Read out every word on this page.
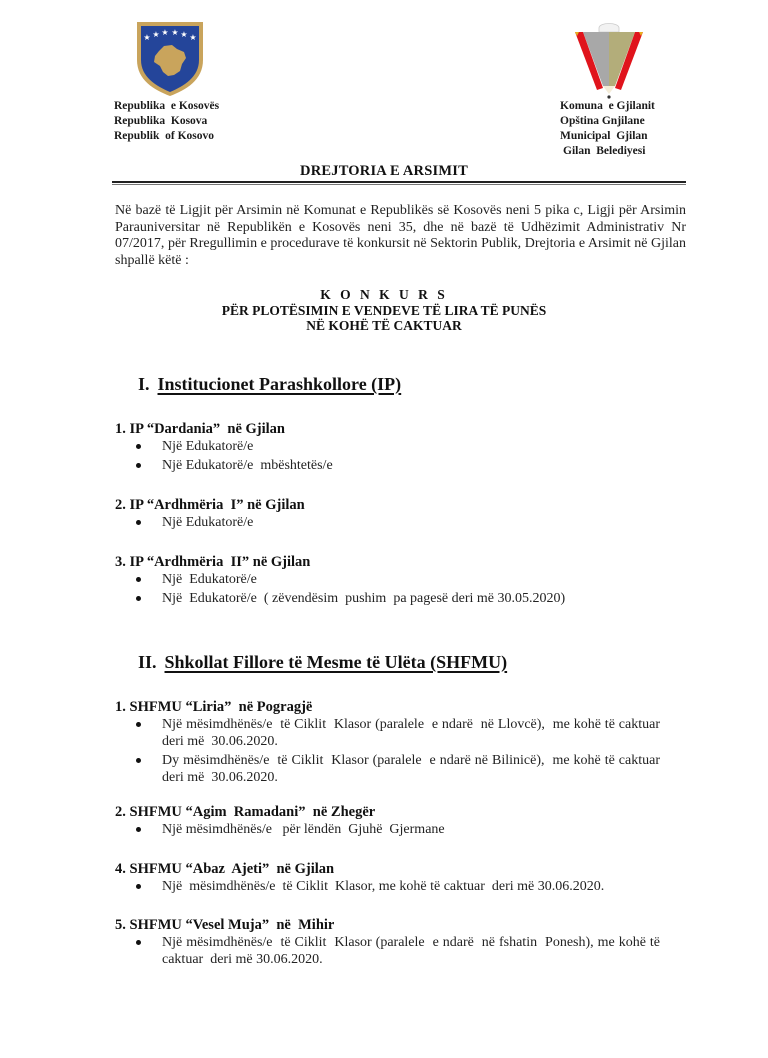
★ ★ ★ ★ ★ ★
Republika  e Kosovës
Republika  Kosova
Republik  of Kosovo
Komuna  e Gjilanit
Opština Gnjilane
Municipal  Gjilan
Gilan  Belediyesi
DREJTORIA E ARSIMIT
Në bazë të Ligjit për Arsimin në Komunat e Republikës së Kosovës neni 5 pika c, Ligji për Arsimin Parauniversitar në Republikën e Kosovës neni 35, dhe në bazë të Udhëzimit Administrativ Nr 07/2017, për Rregullimin e procedurave të konkursit në Sektorin Publik, Drejtoria e Arsimit në Gjilan shpallë këtë :
K O N K U R S
PËR PLOTËSIMIN E VENDEVE TË LIRA TË PUNËS
NË KOHË TË CAKTUAR
I. Institucionet Parashkollore (IP)
1. IP “Dardania”  në Gjilan
Një Edukatorë/e
Një Edukatorë/e  mbështetës/e
2. IP “Ardhmëria  I” në Gjilan
Një Edukatorë/e
3. IP “Ardhmëria  II” në Gjilan
Një  Edukatorë/e
Një  Edukatorë/e  ( zëvendësim  pushim  pa pagesë deri më 30.05.2020)
II. Shkollat Fillore të Mesme të Ulëta (SHFMU)
1. SHFMU “Liria”  në Pogragjë
Një mësimdhënës/e  të Ciklit  Klasor (paralele  e ndarë  në Llovcë),  me kohë të caktuar  deri më  30.06.2020.
Dy mësimdhënës/e  të Ciklit  Klasor (paralele  e ndarë në Bilinicë),  me kohë të caktuar  deri më  30.06.2020.
2. SHFMU “Agim  Ramadani”  në Zhegër
Një mësimdhënës/e   për lëndën  Gjuhë  Gjermane
4. SHFMU “Abaz  Ajeti”  në Gjilan
Një  mësimdhënës/e  të Ciklit  Klasor, me kohë të caktuar  deri më 30.06.2020.
5. SHFMU “Vesel Muja”  në  Mihir
Një mësimdhënës/e  të Ciklit  Klasor (paralele  e ndarë  në fshatin  Ponesh), me kohë të caktuar  deri më 30.06.2020.
